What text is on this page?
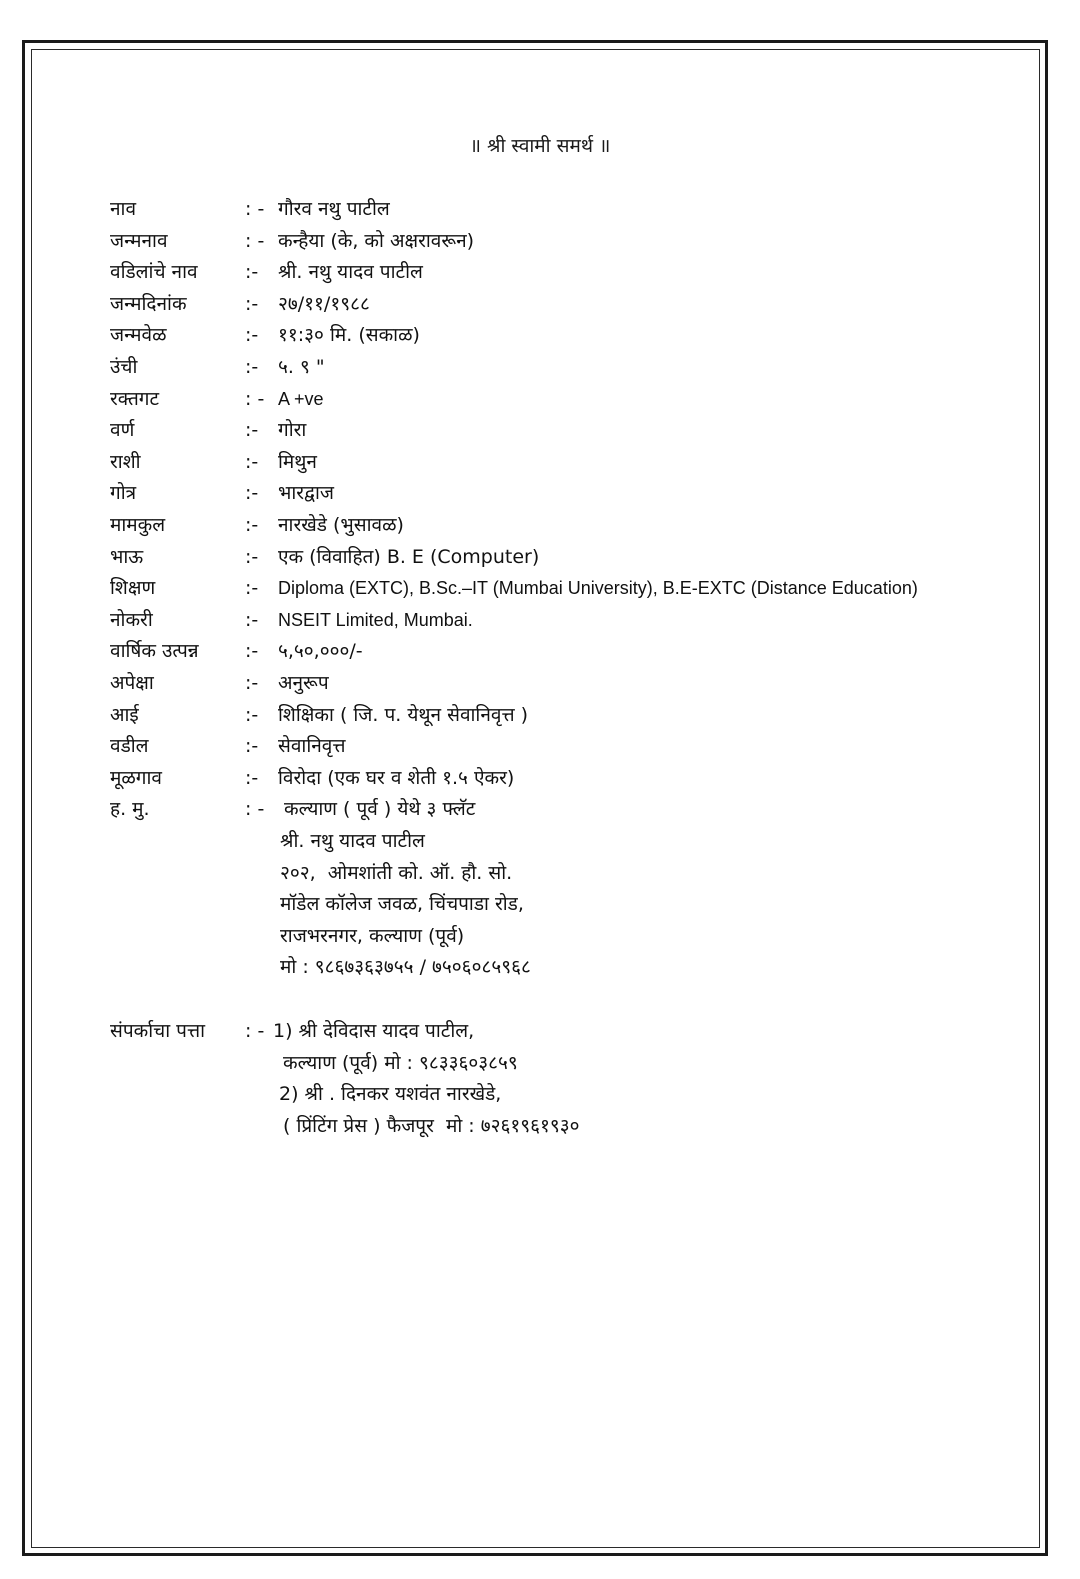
॥ श्री स्वामी समर्थ ॥
नाव	: - गौरव नथु पाटील
जन्मनाव	: - कन्हैया (के, को अक्षरावरून)
वडिलांचे नाव :- श्री. नथु यादव पाटील
जन्मदिनांक	:- २७/११/१९८८
जन्मवेळ	:- ११:३० मि. (सकाळ)
उंची	:- ५. ९ "
रक्तगट	: - A +ve
वर्ण	:- गोरा
राशी	:- मिथुन
गोत्र	:- भारद्वाज
मामकुल	:- नारखेडे (भुसावळ)
भाऊ	:- एक (विवाहित) B. E (Computer)
शिक्षण	:- Diploma (EXTC), B.Sc.–IT (Mumbai University), B.E-EXTC (Distance Education)
नोकरी	:- NSEIT Limited, Mumbai.
वार्षिक उत्पन्न :- ५,५०,०००/-
अपेक्षा	:- अनुरूप
आई	:- शिक्षिका ( जि. प. येथून सेवानिवृत्त )
वडील	:- सेवानिवृत्त
मूळगाव	:- विरोदा (एक घर व शेती १.५ ऐकर)
ह. मु.	: - कल्याण ( पूर्व ) येथे ३ फ्लॅट
श्री. नथु यादव पाटील
२०२,  ओमशांती को. ऑ. हौ. सो.
मॉडेल कॉलेज जवळ, चिंचपाडा रोड,
राजभरनगर, कल्याण (पूर्व)
मो : ९८६७३६३७५५ / ७५०६०८५९६८
संपर्काचा पत्ता : - 1) श्री देविदास यादव पाटील,
कल्याण (पूर्व) मो : ९८३३६०३८५९
2) श्री . दिनकर यशवंत नारखेडे,
( प्रिंटिंग प्रेस ) फैजपूर  मो : ७२६१९६१९३०
